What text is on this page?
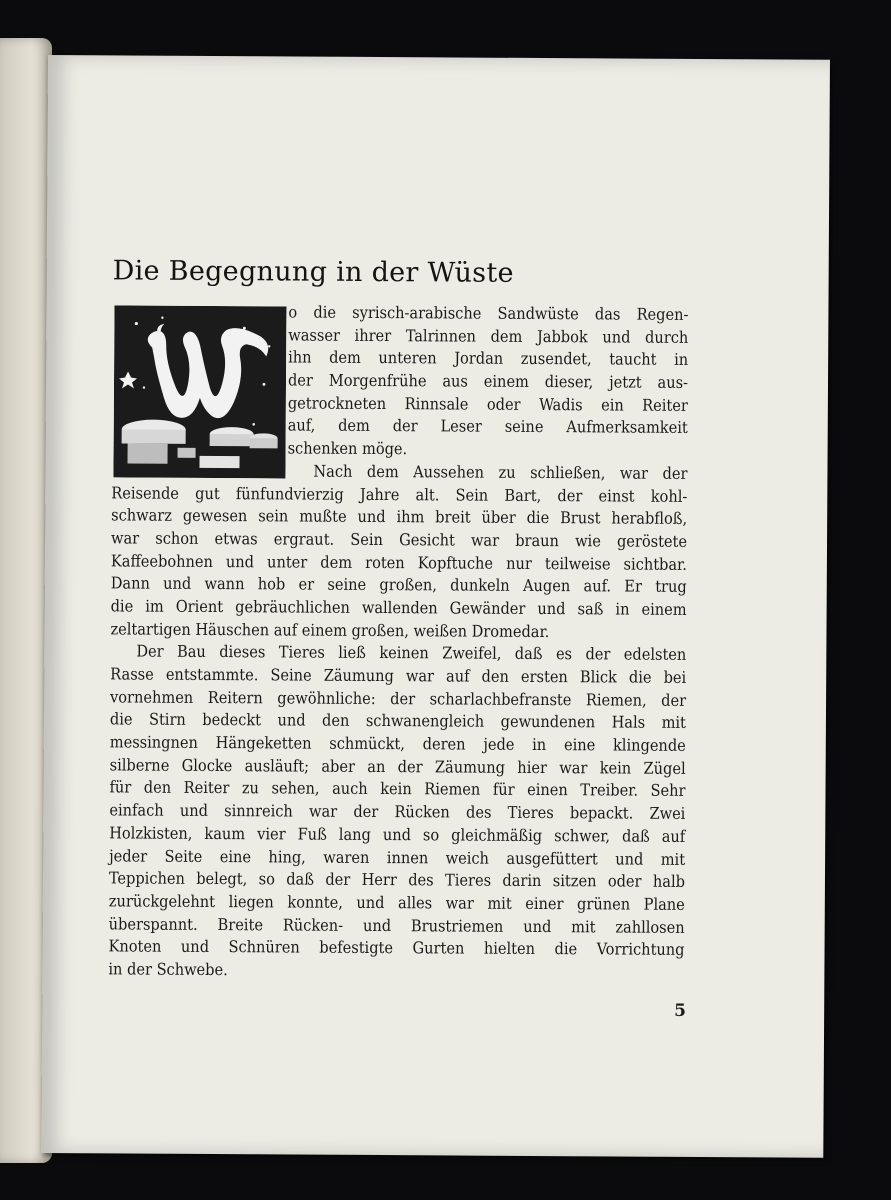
Die Begegnung in der Wüste
o die syrisch-arabische Sandwüste das Regen-
wasser ihrer Talrinnen dem Jabbok und durch
ihn dem unteren Jordan zusendet, taucht in
der Morgenfrühe aus einem dieser, jetzt aus-
getrockneten Rinnsale oder Wadis ein Reiter
auf, dem der Leser seine Aufmerksamkeit
schenken möge.
Nach dem Aussehen zu schließen, war der
Reisende gut fünfundvierzig Jahre alt. Sein Bart, der einst kohl-
schwarz gewesen sein mußte und ihm breit über die Brust herabfloß,
war schon etwas ergraut. Sein Gesicht war braun wie geröstete
Kaffeebohnen und unter dem roten Kopftuche nur teilweise sichtbar.
Dann und wann hob er seine großen, dunkeln Augen auf. Er trug
die im Orient gebräuchlichen wallenden Gewänder und saß in einem
zeltartigen Häuschen auf einem großen, weißen Dromedar.
Der Bau dieses Tieres ließ keinen Zweifel, daß es der edelsten
Rasse entstammte. Seine Zäumung war auf den ersten Blick die bei
vornehmen Reitern gewöhnliche: der scharlachbefranste Riemen, der
die Stirn bedeckt und den schwanengleich gewundenen Hals mit
messingnen Hängeketten schmückt, deren jede in eine klingende
silberne Glocke ausläuft; aber an der Zäumung hier war kein Zügel
für den Reiter zu sehen, auch kein Riemen für einen Treiber. Sehr
einfach und sinnreich war der Rücken des Tieres bepackt. Zwei
Holzkisten, kaum vier Fuß lang und so gleichmäßig schwer, daß auf
jeder Seite eine hing, waren innen weich ausgefüttert und mit
Teppichen belegt, so daß der Herr des Tieres darin sitzen oder halb
zurückgelehnt liegen konnte, und alles war mit einer grünen Plane
überspannt. Breite Rücken- und Brustriemen und mit zahllosen
Knoten und Schnüren befestigte Gurten hielten die Vorrichtung
in der Schwebe.
5
